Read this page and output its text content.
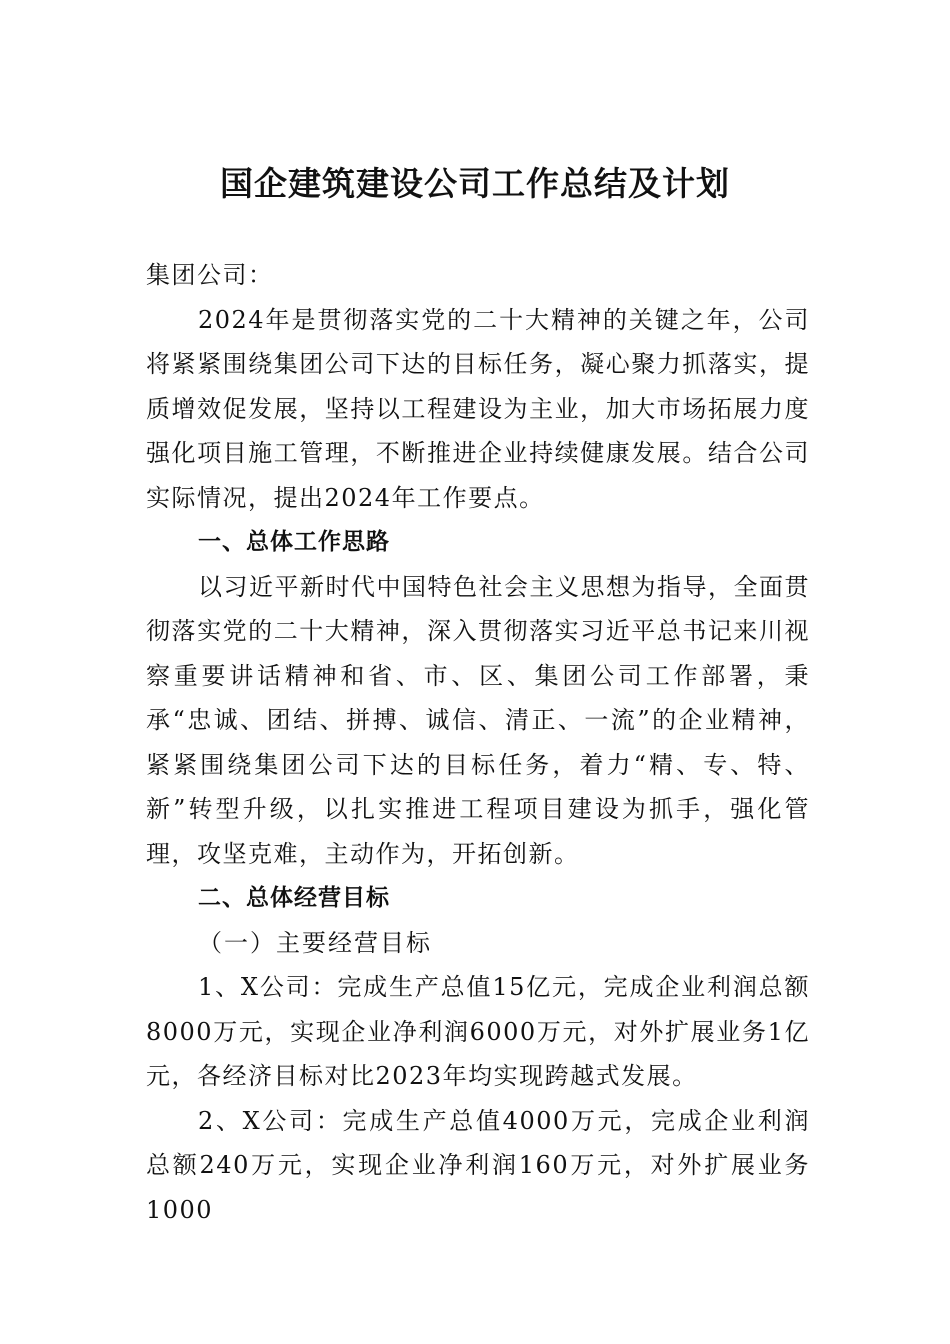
国企建筑建设公司工作总结及计划

集团公司：

2024年是贯彻落实党的二十大精神的关键之年，公司将紧紧围绕集团公司下达的目标任务，凝心聚力抓落实，提质增效促发展，坚持以工程建设为主业，加大市场拓展力度强化项目施工管理，不断推进企业持续健康发展。结合公司实际情况，提出2024年工作要点。

一、总体工作思路

以习近平新时代中国特色社会主义思想为指导，全面贯彻落实党的二十大精神，深入贯彻落实习近平总书记来川视察重要讲话精神和省、市、区、集团公司工作部署，秉承“忠诚、团结、拼搏、诚信、清正、一流”的企业精神，紧紧围绕集团公司下达的目标任务，着力“精、专、特、新”转型升级，以扎实推进工程项目建设为抓手，强化管理，攻坚克难，主动作为，开拓创新。

二、总体经营目标

（一）主要经营目标

1、X公司：完成生产总值15亿元，完成企业利润总额8000万元，实现企业净利润6000万元，对外扩展业务1亿元，各经济目标对比2023年均实现跨越式发展。

2、X公司：完成生产总值4000万元，完成企业利润总额240万元，实现企业净利润160万元，对外扩展业务1000
